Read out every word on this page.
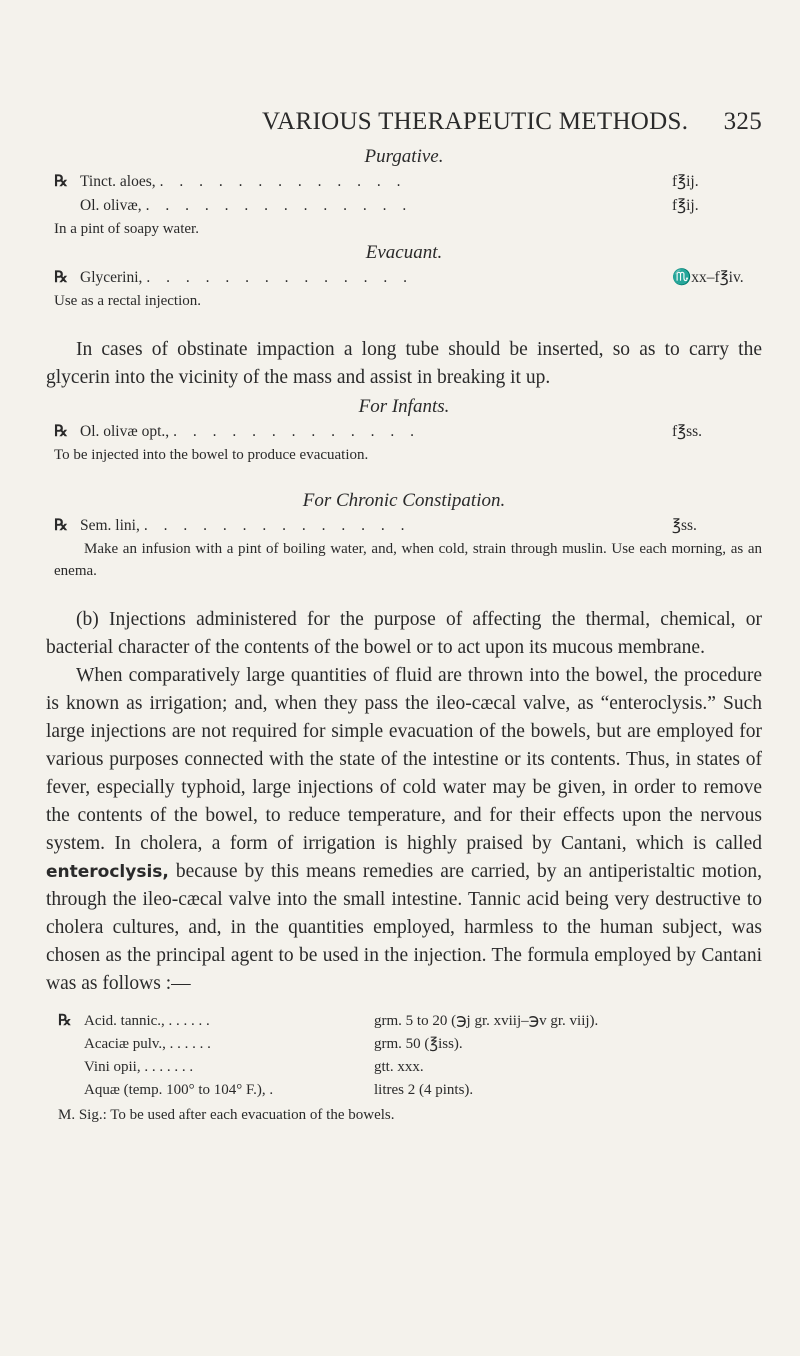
VARIOUS THERAPEUTIC METHODS. 325

Purgative.

℞ Tinct. aloes, . . . . . . . . . . . . .	f℥ij.
Ol. olivæ, . . . . . . . . . . . . . .	f℥ij.
In a pint of soapy water.

Evacuant.

℞ Glycerini, . . . . . . . . . . . . . .	♏xx–f℥iv.
Use as a rectal injection.

In cases of obstinate impaction a long tube should be inserted, so as to carry the glycerin into the vicinity of the mass and assist in breaking it up.

For Infants.

℞ Ol. olivæ opt., . . . . . . . . . . . . .	f℥ss.
To be injected into the bowel to produce evacuation.

For Chronic Constipation.

℞ Sem. lini, . . . . . . . . . . . . . .	℥ss.
Make an infusion with a pint of boiling water, and, when cold, strain through muslin. Use each morning, as an enema.

(b) Injections administered for the purpose of affecting the thermal, chemical, or bacterial character of the contents of the bowel or to act upon its mucous membrane.

When comparatively large quantities of fluid are thrown into the bowel, the procedure is known as irrigation; and, when they pass the ileo-cæcal valve, as “enteroclysis.” Such large injections are not required for simple evacuation of the bowels, but are employed for various purposes connected with the state of the intestine or its contents. Thus, in states of fever, especially typhoid, large injections of cold water may be given, in order to remove the contents of the bowel, to reduce temperature, and for their effects upon the nervous system. In cholera, a form of irrigation is highly praised by Cantani, which is called enteroclysis, because by this means remedies are carried, by an antiperistaltic motion, through the ileo-cæcal valve into the small intestine. Tannic acid being very destructive to cholera cultures, and, in the quantities employed, harmless to the human subject, was chosen as the principal agent to be used in the injection. The formula employed by Cantani was as follows :—

℞ Acid. tannic., . . . . . .	grm. 5 to 20 (℈j gr. xviij–℈v gr. viij).
Acaciæ pulv., . . . . . .	grm. 50 (℥iss).
Vini opii, . . . . . . .	gtt. xxx.
Aquæ (temp. 100° to 104° F.), .	litres 2 (4 pints).
M. Sig.: To be used after each evacuation of the bowels.
